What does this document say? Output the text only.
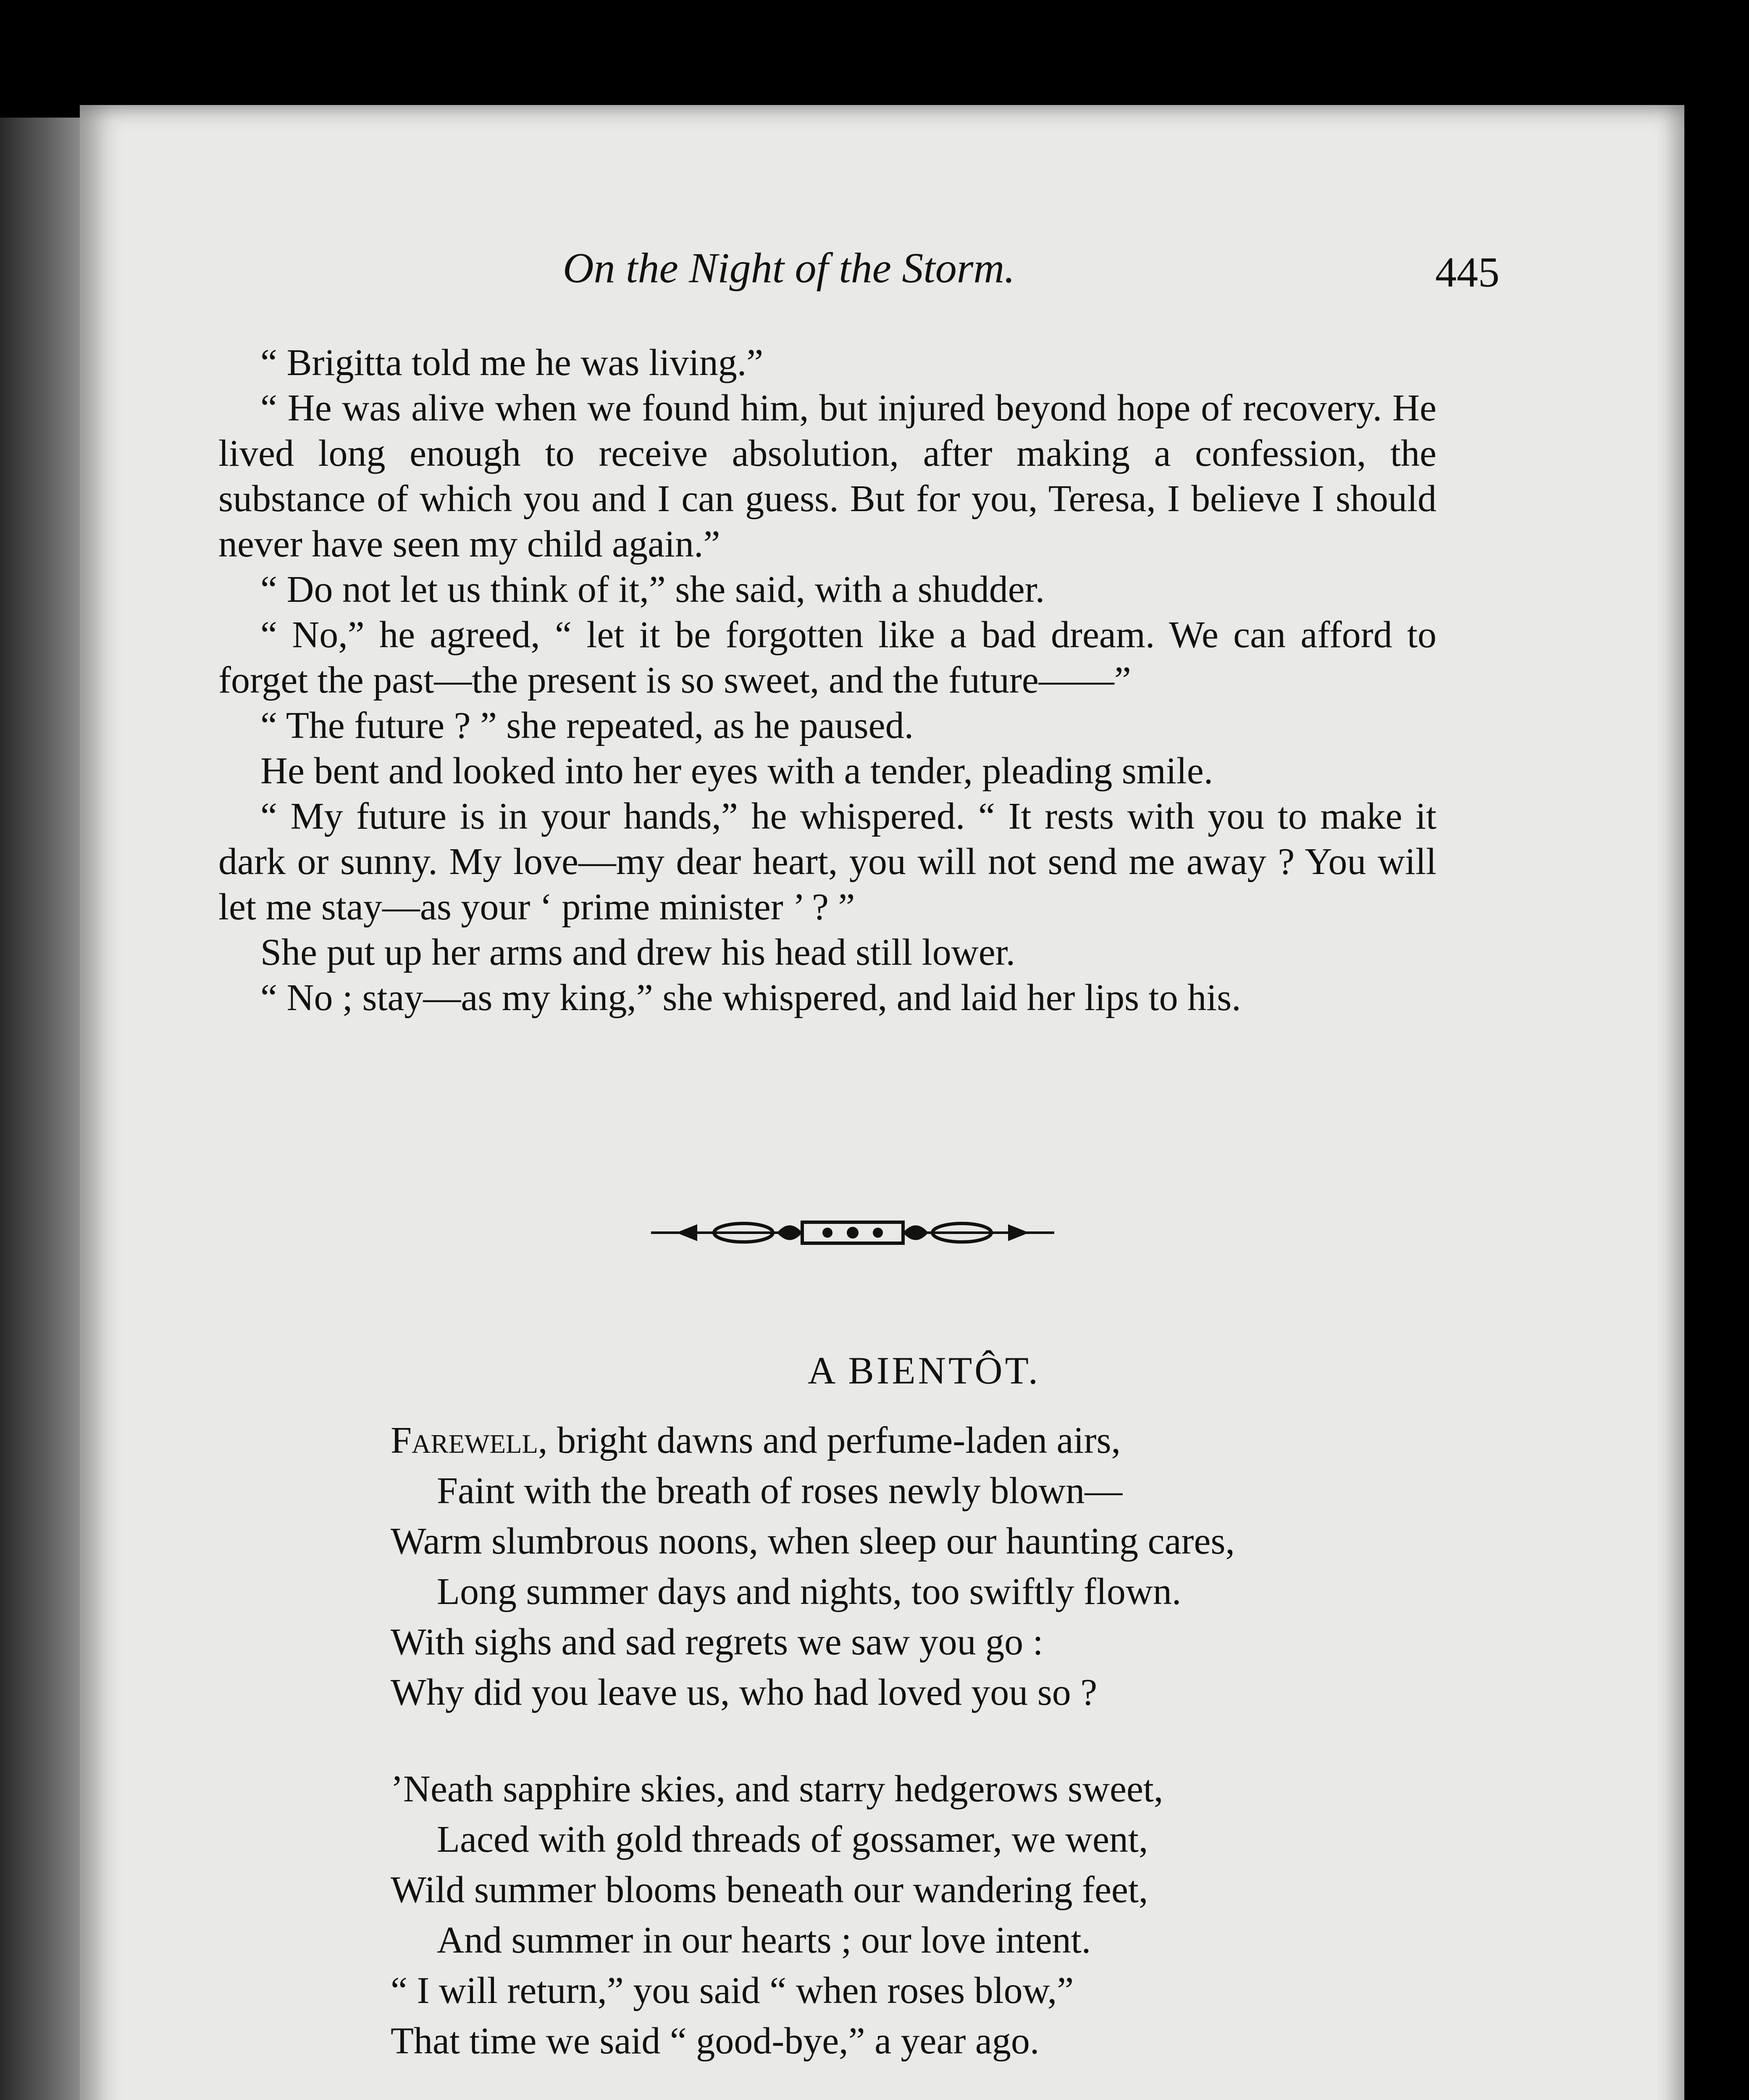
On the Night of the Storm.	445

“ Brigitta told me he was living.”

“ He was alive when we found him, but injured beyond hope of recovery. He lived long enough to receive absolution, after making a confession, the substance of which you and I can guess. But for you, Teresa, I believe I should never have seen my child again.”

“ Do not let us think of it,” she said, with a shudder.

“ No,” he agreed, “ let it be forgotten like a bad dream. We can afford to forget the past—the present is so sweet, and the future——”

“ The future ? ” she repeated, as he paused.

He bent and looked into her eyes with a tender, pleading smile.

“ My future is in your hands,” he whispered. “ It rests with you to make it dark or sunny. My love—my dear heart, you will not send me away ? You will let me stay—as your ‘ prime minister ’ ? ”

She put up her arms and drew his head still lower.

“ No ; stay—as my king,” she whispered, and laid her lips to his.

A BIENTÔT.
Farewell, bright dawns and perfume-laden airs,
Faint with the breath of roses newly blown—
Warm slumbrous noons, when sleep our haunting cares,
Long summer days and nights, too swiftly flown.
With sighs and sad regrets we saw you go :
Why did you leave us, who had loved you so ?
’Neath sapphire skies, and starry hedgerows sweet,
Laced with gold threads of gossamer, we went,
Wild summer blooms beneath our wandering feet,
And summer in our hearts ; our love intent.
“ I will return,” you said “ when roses blow,”
That time we said “ good-bye,” a year ago.
